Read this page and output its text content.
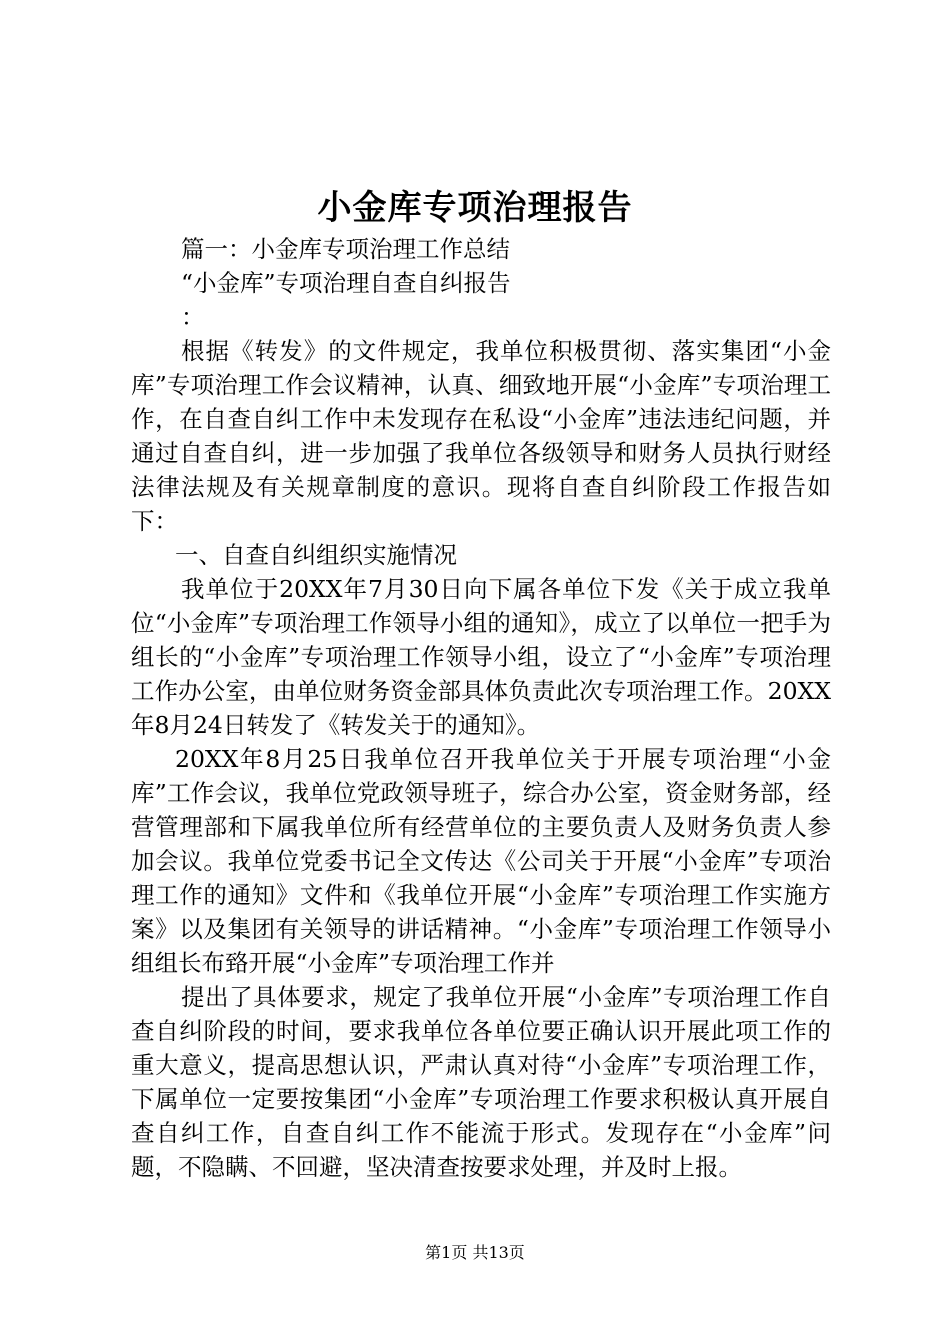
小金库专项治理报告

篇一：小金库专项治理工作总结

“小金库”专项治理自查自纠报告

：

根据《转发》的文件规定，我单位积极贯彻、落实集团“小金库”专项治理工作会议精神，认真、细致地开展“小金库”专项治理工作，在自查自纠工作中未发现存在私设“小金库”违法违纪问题，并通过自查自纠，进一步加强了我单位各级领导和财务人员执行财经法律法规及有关规章制度的意识。现将自查自纠阶段工作报告如下：

一、自查自纠组织实施情况

我单位于20XX年7月30日向下属各单位下发《关于成立我单位“小金库”专项治理工作领导小组的通知》，成立了以单位一把手为组长的“小金库”专项治理工作领导小组，设立了“小金库”专项治理工作办公室，由单位财务资金部具体负责此次专项治理工作。20XX年8月24日转发了《转发关于的通知》。

20XX年8月25日我单位召开我单位关于开展专项治理“小金库”工作会议，我单位党政领导班子，综合办公室，资金财务部，经营管理部和下属我单位所有经营单位的主要负责人及财务负责人参加会议。我单位党委书记全文传达《公司关于开展“小金库”专项治理工作的通知》文件和《我单位开展“小金库”专项治理工作实施方案》以及集团有关领导的讲话精神。“小金库”专项治理工作领导小组组长布臵开展“小金库”专项治理工作并

提出了具体要求，规定了我单位开展“小金库”专项治理工作自查自纠阶段的时间，要求我单位各单位要正确认识开展此项工作的重大意义，提高思想认识，严肃认真对待“小金库”专项治理工作，下属单位一定要按集团“小金库”专项治理工作要求积极认真开展自查自纠工作，自查自纠工作不能流于形式。发现存在“小金库”问题，不隐瞒、不回避，坚决清查按要求处理，并及时上报。

第1页 共13页
